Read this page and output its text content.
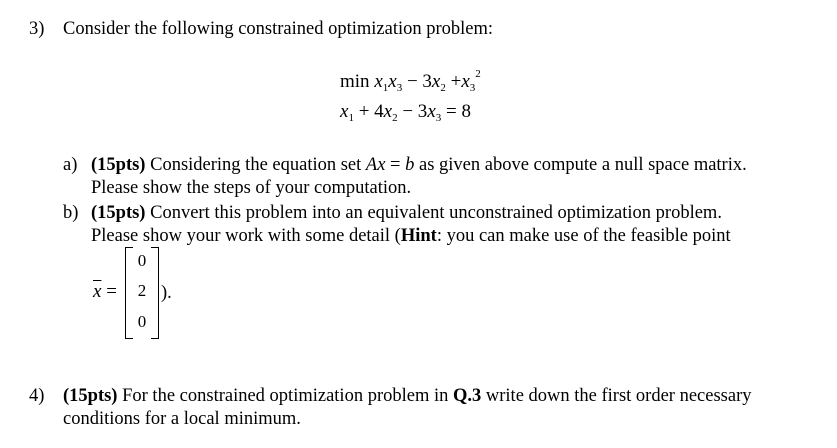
3) Consider the following constrained optimization problem:
$\min x_1x_3 - 3x_2 +x_3^2$
$x_1 + 4x_2 - 3x_3 = 8$
a) (15pts) Considering the equation set Ax = b as given above compute a null space matrix.
Please show the steps of your computation.
b) (15pts) Convert this problem into an equivalent unconstrained optimization problem.
Please show your work with some detail (Hint: you can make use of the feasible point
$\overline{x}$ =
0
2
0
).
4) (15pts) For the constrained optimization problem in Q.3 write down the first order necessary
conditions for a local minimum.
